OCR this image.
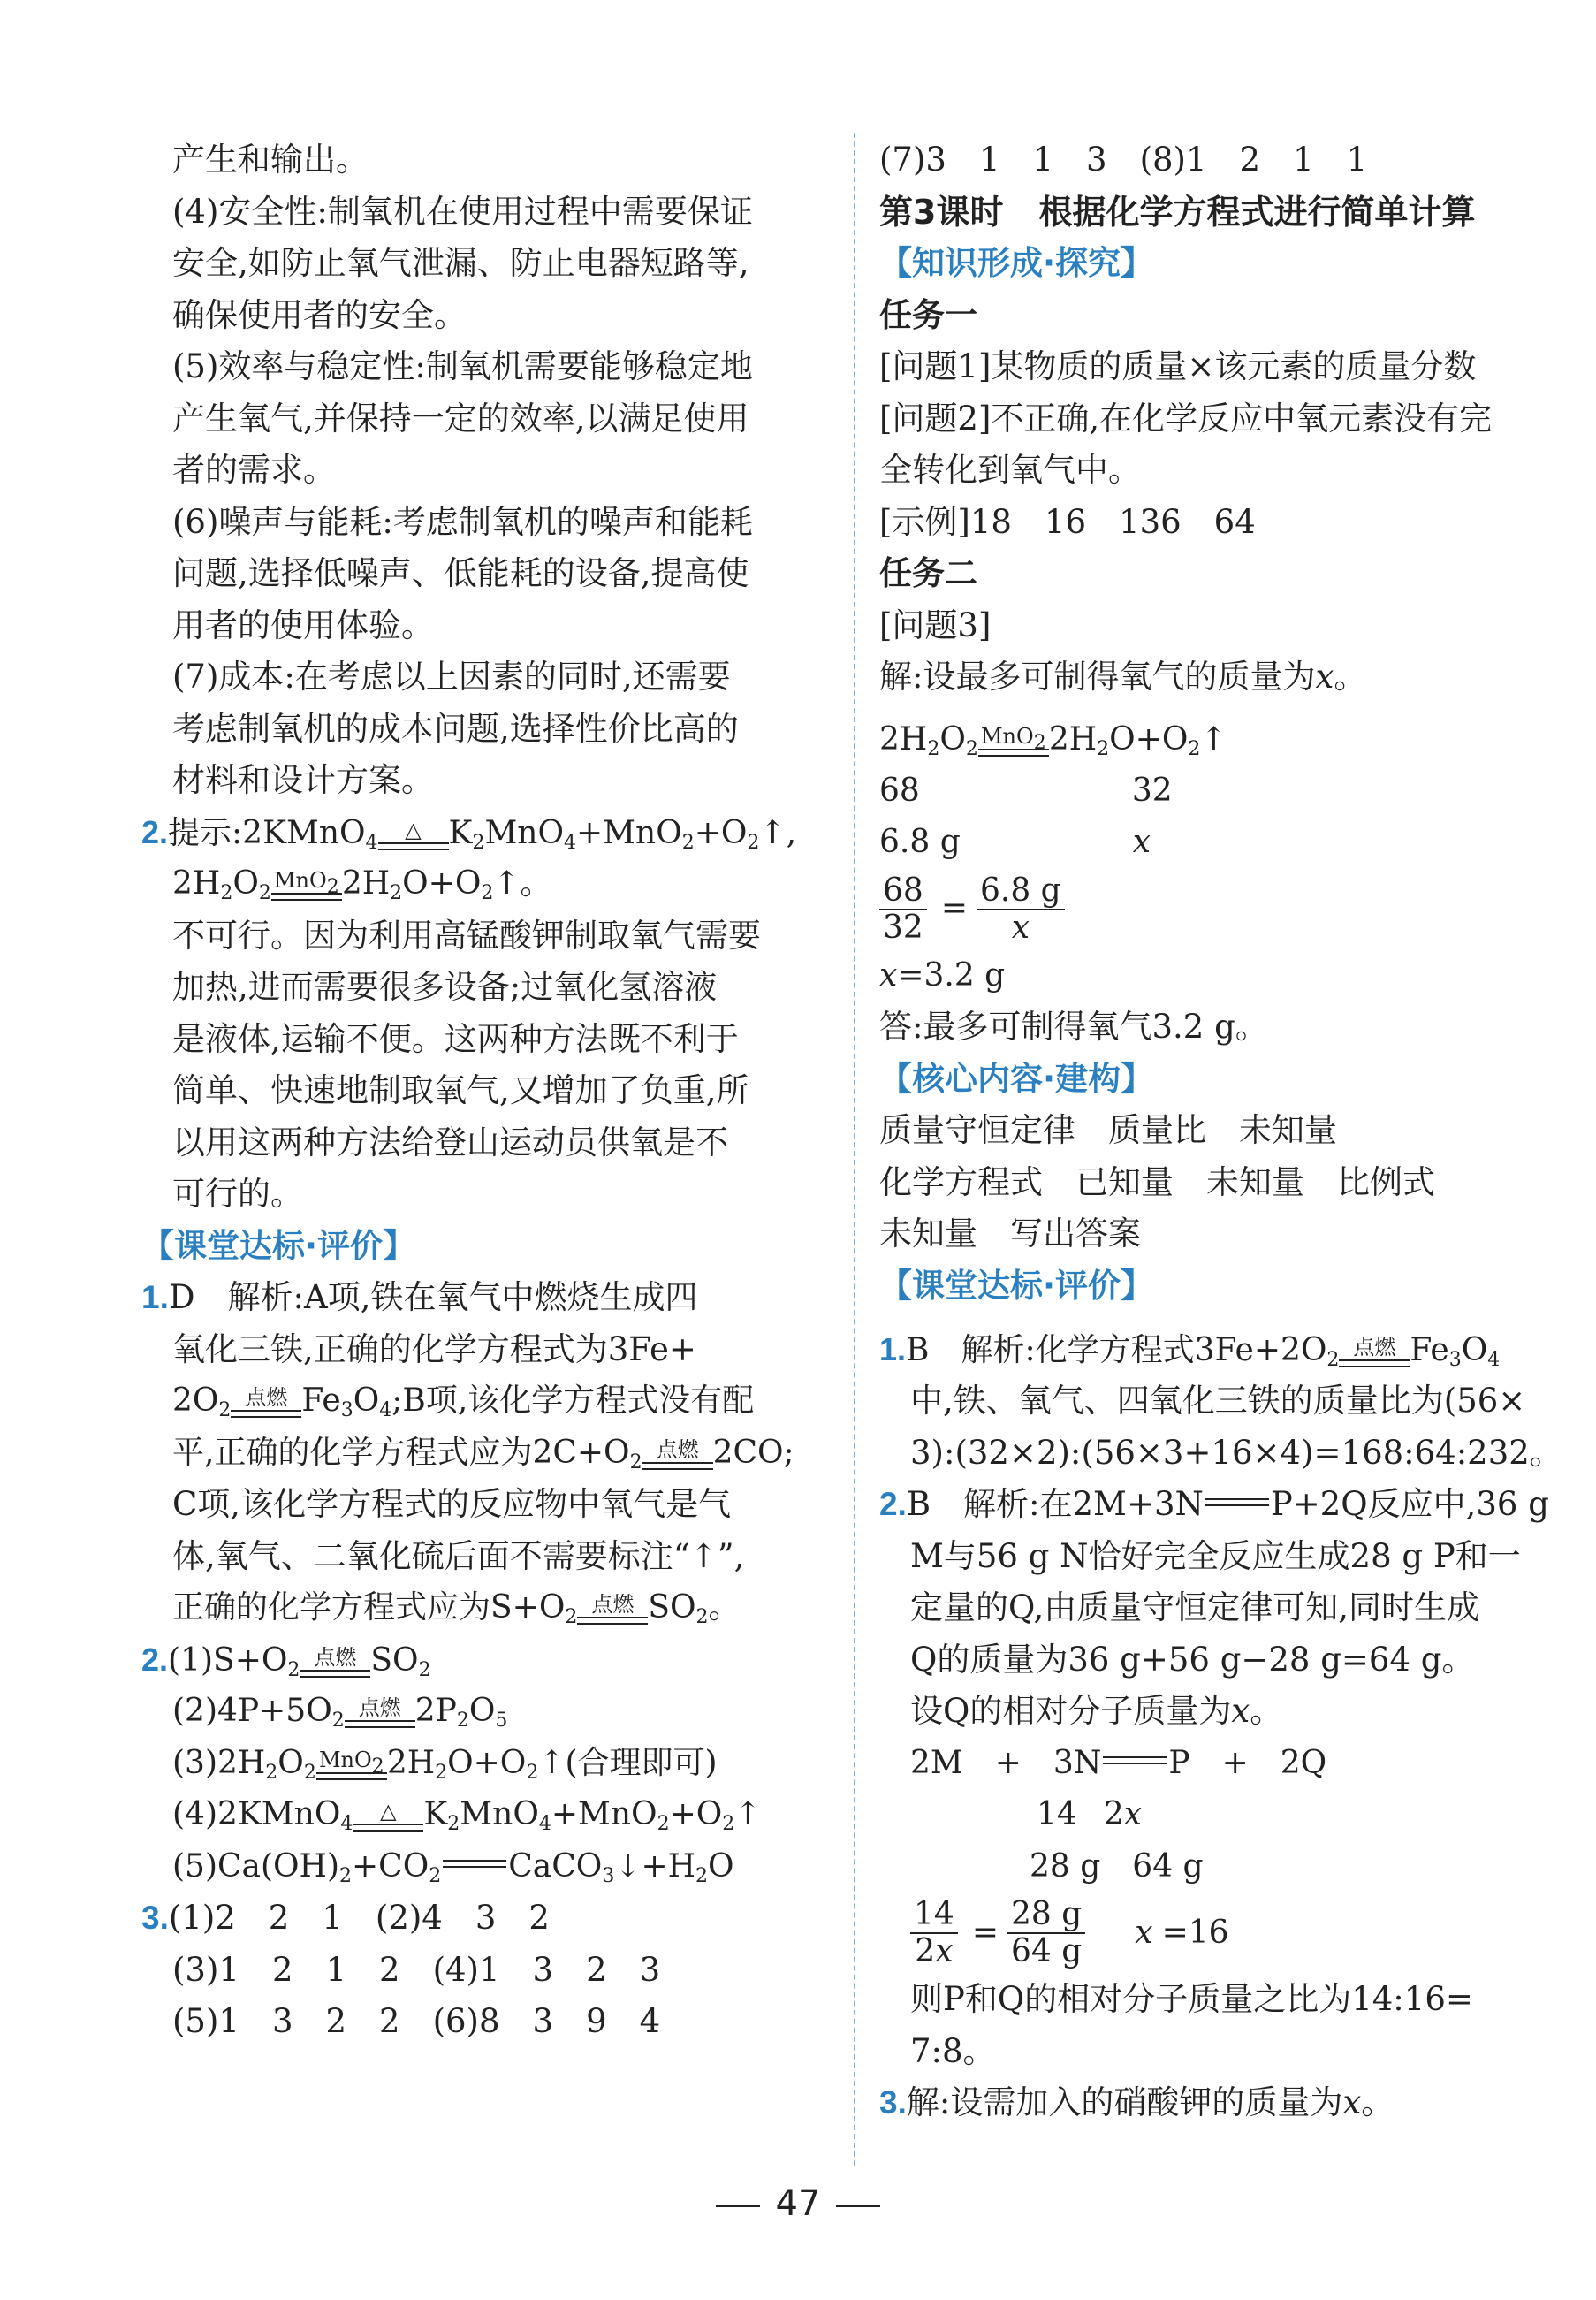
产生和输出。
(4)安全性:制氧机在使用过程中需要保证
安全,如防止氧气泄漏、防止电器短路等,
确保使用者的安全。
(5)效率与稳定性:制氧机需要能够稳定地
产生氧气,并保持一定的效率,以满足使用
者的需求。
(6)噪声与能耗:考虑制氧机的噪声和能耗
问题,选择低噪声、低能耗的设备,提高使
用者的使用体验。
(7)成本:在考虑以上因素的同时,还需要
考虑制氧机的成本问题,选择性价比高的
材料和设计方案。
2.提示:2KMnO$_4$
△ $K_2MnO_4+MnO_2+O_2↑$,
$2H_2O_2$
MnO$_2$ $2H_2O+O_2↑$。
不可行。因为利用高锰酸钾制取氧气需要
加热,进而需要很多设备;过氧化氢溶液
是液体,运输不便。这两种方法既不利于
简单、快速地制取氧气,又增加了负重,所
以用这两种方法给登山运动员供氧是不
可行的。
【课堂达标·评价】
1.D　解析:A项,铁在氧气中燃烧生成四
氧化三铁,正确的化学方程式为3Fe+
$2O_2$
点燃 $Fe_3O_4;B$项,该化学方程式没有配
平,正确的化学方程式应为$2C+O_2$
点燃 2CO;
C项,该化学方程式的反应物中氧气是气
体,氧气、二氧化硫后面不需要标注“↑”,
正确的化学方程式应为$S+O_2$
点燃 $SO_2$。
$2.(1)S+O_2$
点燃 $SO_2$
$(2)4P+5O_2$
点燃 $2P_2O_5$
$(3)2H_2O_2$
MnO$_2$ $2H_2O+O_2↑$(合理即可)
(4)2KMnO$_4$
△ $K_2MnO_4+MnO_2+O_2↑$
$(5)Ca(OH)_2+CO_2$ $CaCO_3↓+H_2O$
3.(1)2　2　1　(2)4　3　2
(3)1　2　1　2　(4)1　3　2　3
(5)1　3　2　2　(6)8　3　9　4
(7)3　1　1　3　(8)1　2　1　1
第3课时 根据化学方程式进行简单计算
【知识形成·探究】
任务一
[问题1]某物质的质量×该元素的质量分数
[问题2]不正确,在化学反应中氧元素没有完
全转化到氧气中。
[示例]18　16　136　64
任务二
[问题3]
解:设最多可制得氧气的质量为x。
$2H_2O_2$
MnO$_2$ $2H_2O+O_2↑$
68	32
6.8 g	x
$\frac{68}{32} = \frac{6.8 g}{x}$
x=3.2 g
答:最多可制得氧气3.2 g。
【核心内容·建构】
质量守恒定律　质量比　未知量
化学方程式　已知量　未知量　比例式
未知量　写出答案
【课堂达标·评价】
1.B　解析:化学方程式$3Fe+2O_2$
点燃 $Fe_3O_4$
中,铁、氧气、四氧化三铁的质量比为(56×
3):(32×2):(56×3+16×4)=168:64:232。
2.B　解析:在2M+3N P+2Q反应中,36 g
M与56 g N恰好完全反应生成28 g P和一
定量的Q,由质量守恒定律可知,同时生成
Q的质量为36 g+56 g−28 g=64 g。
设Q的相对分子质量为x。
2M　+　3N P　+　2Q
14 2x
28 g　64 g
$\frac{14}{2x} = \frac{28 g}{64 g}$ x =16
则P和Q的相对分子质量之比为14:16=
7:8。
3.解:设需加入的硝酸钾的质量为x。
47
